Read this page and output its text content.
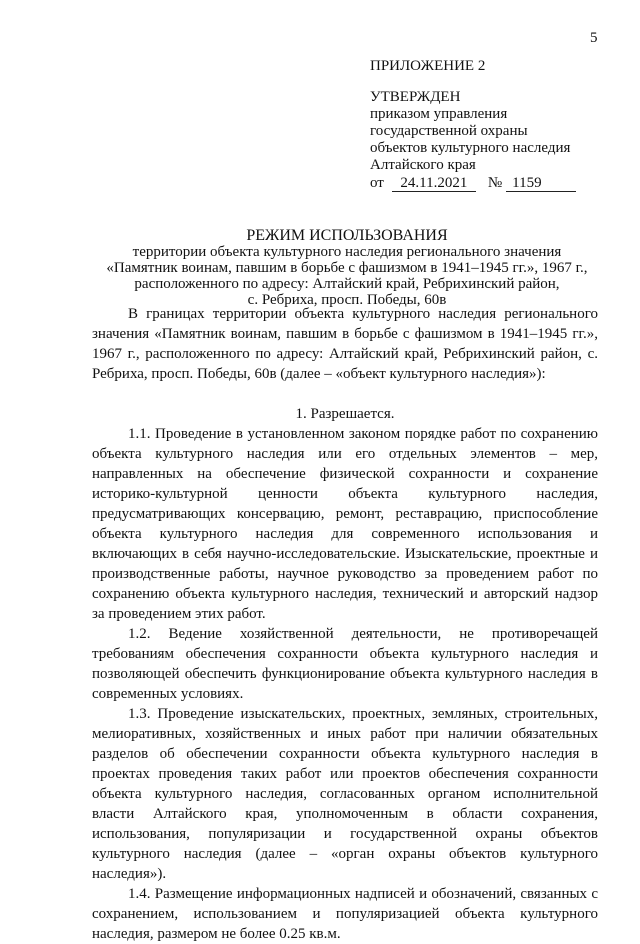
5
ПРИЛОЖЕНИЕ 2
УТВЕРЖДЕН
приказом управления
государственной охраны
объектов культурного наследия
Алтайского края
от 24.11.2021 № 1159
РЕЖИМ ИСПОЛЬЗОВАНИЯ
территории объекта культурного наследия регионального значения
«Памятник воинам, павшим в борьбе с фашизмом в 1941–1945 гг.», 1967 г.,
расположенного по адресу: Алтайский край, Ребрихинский район,
с. Ребриха, просп. Победы, 60в

В границах территории объекта культурного наследия регионального значения «Памятник воинам, павшим в борьбе с фашизмом в 1941–1945 гг.», 1967 г., расположенного по адресу: Алтайский край, Ребрихинский район, с. Ребриха, просп. Победы, 60в (далее – «объект культурного наследия»):

1. Разрешается.

1.1. Проведение в установленном законом порядке работ по сохранению объекта культурного наследия или его отдельных элементов – мер, направленных на обеспечение физической сохранности и сохранение историко-культурной ценности объекта культурного наследия, предусматривающих консервацию, ремонт, реставрацию, приспособление объекта культурного наследия для современного использования и включающих в себя научно-исследовательские. Изыскательские, проектные и производственные работы, научное руководство за проведением работ по сохранению объекта культурного наследия, технический и авторский надзор за проведением этих работ.

1.2. Ведение хозяйственной деятельности, не противоречащей требованиям обеспечения сохранности объекта культурного наследия и позволяющей обеспечить функционирование объекта культурного наследия в современных условиях.

1.3. Проведение изыскательских, проектных, земляных, строительных, мелиоративных, хозяйственных и иных работ при наличии обязательных разделов об обеспечении сохранности объекта культурного наследия в проектах проведения таких работ или проектов обеспечения сохранности объекта культурного наследия, согласованных органом исполнительной власти Алтайского края, уполномоченным в области сохранения, использования, популяризации и государственной охраны объектов культурного наследия (далее – «орган охраны объектов культурного наследия»).

1.4. Размещение информационных надписей и обозначений, связанных с сохранением, использованием и популяризацией объекта культурного наследия, размером не более 0.25 кв.м.
